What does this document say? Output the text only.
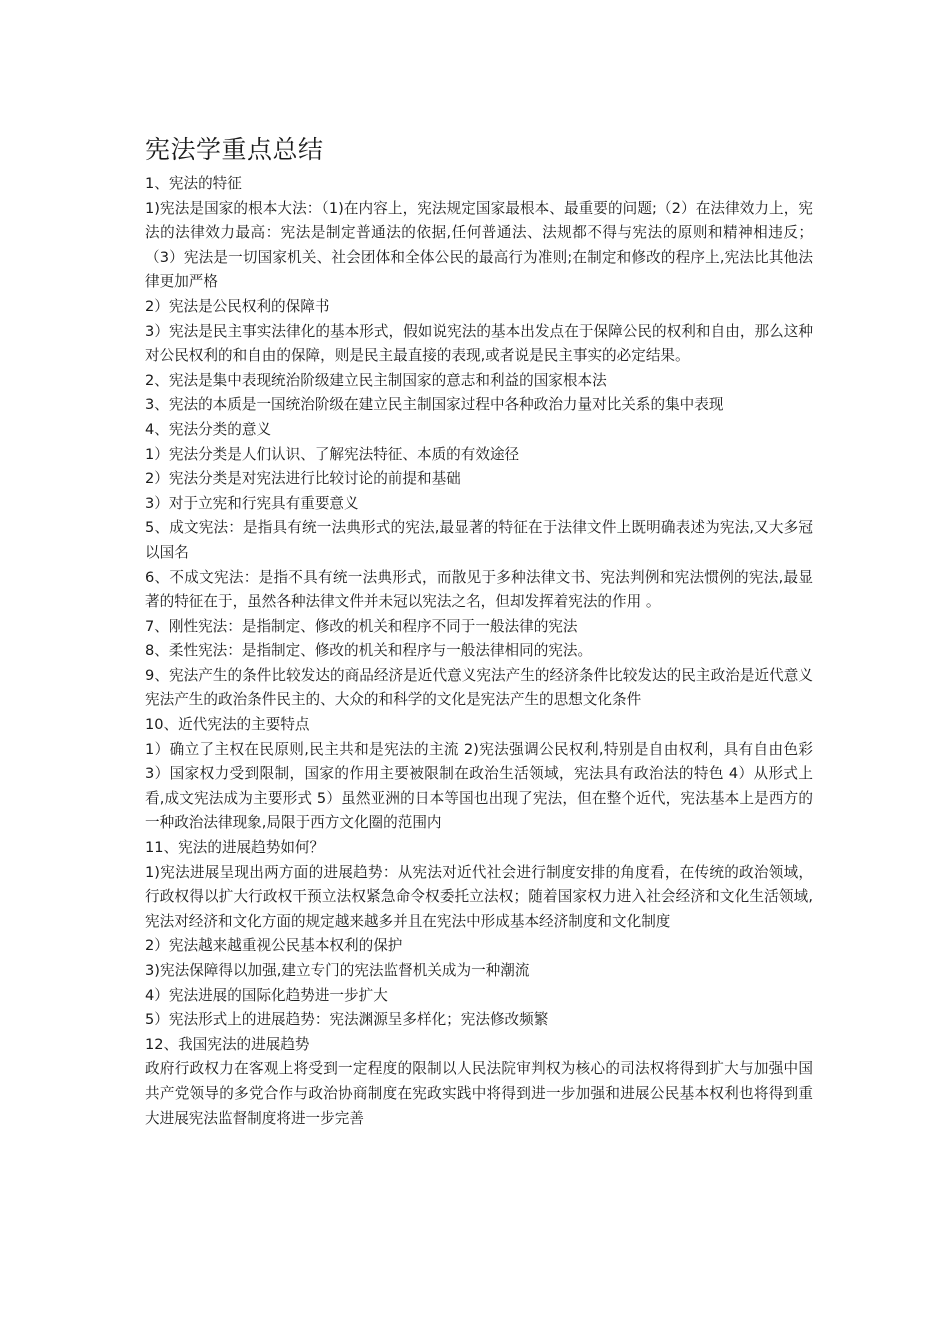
宪法学重点总结

1、宪法的特征

1)宪法是国家的根本大法：（1)在内容上，宪法规定国家最根本、最重要的问题;（2）在法律效力上，宪法的法律效力最高：宪法是制定普通法的依据,任何普通法、法规都不得与宪法的原则和精神相违反；（3）宪法是一切国家机关、社会团体和全体公民的最高行为准则;在制定和修改的程序上,宪法比其他法律更加严格

2）宪法是公民权利的保障书

3）宪法是民主事实法律化的基本形式，假如说宪法的基本出发点在于保障公民的权利和自由，那么这种对公民权利的和自由的保障，则是民主最直接的表现,或者说是民主事实的必定结果。

2、宪法是集中表现统治阶级建立民主制国家的意志和利益的国家根本法

3、宪法的本质是一国统治阶级在建立民主制国家过程中各种政治力量对比关系的集中表现

4、宪法分类的意义

1）宪法分类是人们认识、了解宪法特征、本质的有效途径

2）宪法分类是对宪法进行比较讨论的前提和基础

3）对于立宪和行宪具有重要意义

5、成文宪法：是指具有统一法典形式的宪法,最显著的特征在于法律文件上既明确表述为宪法,又大多冠以国名

6、不成文宪法：是指不具有统一法典形式，而散见于多种法律文书、宪法判例和宪法惯例的宪法,最显著的特征在于，虽然各种法律文件并未冠以宪法之名，但却发挥着宪法的作用 。

7、刚性宪法：是指制定、修改的机关和程序不同于一般法律的宪法

8、柔性宪法：是指制定、修改的机关和程序与一般法律相同的宪法。

9、宪法产生的条件比较发达的商品经济是近代意义宪法产生的经济条件比较发达的民主政治是近代意义宪法产生的政治条件民主的、大众的和科学的文化是宪法产生的思想文化条件

10、近代宪法的主要特点

1）确立了主权在民原则,民主共和是宪法的主流 2)宪法强调公民权利,特别是自由权利，具有自由色彩 3）国家权力受到限制，国家的作用主要被限制在政治生活领域，宪法具有政治法的特色 4）从形式上看,成文宪法成为主要形式 5）虽然亚洲的日本等国也出现了宪法，但在整个近代，宪法基本上是西方的一种政治法律现象,局限于西方文化圈的范围内

11、宪法的进展趋势如何？

1)宪法进展呈现出两方面的进展趋势：从宪法对近代社会进行制度安排的角度看，在传统的政治领域，行政权得以扩大行政权干预立法权紧急命令权委托立法权；随着国家权力进入社会经济和文化生活领域,宪法对经济和文化方面的规定越来越多并且在宪法中形成基本经济制度和文化制度

2）宪法越来越重视公民基本权利的保护

3)宪法保障得以加强,建立专门的宪法监督机关成为一种潮流

4）宪法进展的国际化趋势进一步扩大

5）宪法形式上的进展趋势：宪法渊源呈多样化；宪法修改频繁

12、我国宪法的进展趋势

政府行政权力在客观上将受到一定程度的限制以人民法院审判权为核心的司法权将得到扩大与加强中国共产党领导的多党合作与政治协商制度在宪政实践中将得到进一步加强和进展公民基本权利也将得到重大进展宪法监督制度将进一步完善
